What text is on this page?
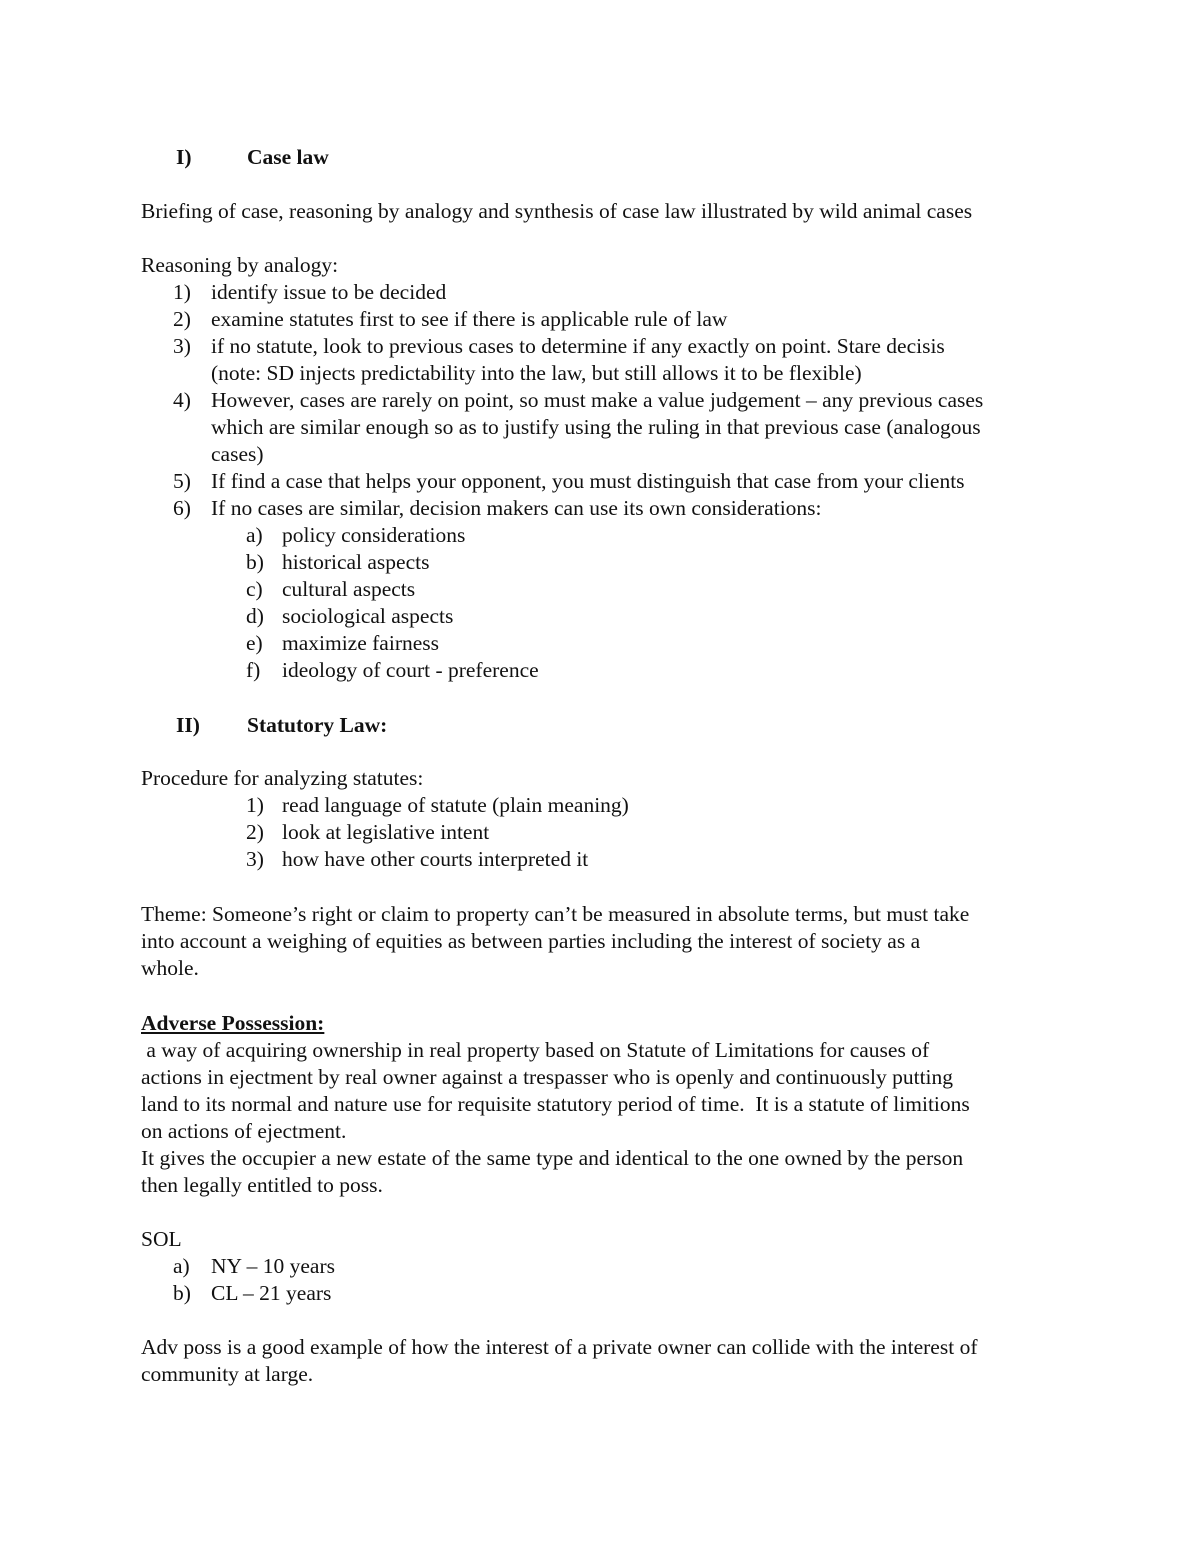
I)	Case law
Briefing of case, reasoning by analogy and synthesis of case law illustrated by wild animal cases
Reasoning by analogy:
1) identify issue to be decided
2) examine statutes first to see if there is applicable rule of law
3) if no statute, look to previous cases to determine if any exactly on point. Stare decisis
(note: SD injects predictability into the law, but still allows it to be flexible)
4) However, cases are rarely on point, so must make a value judgement – any previous cases
which are similar enough so as to justify using the ruling in that previous case (analogous
cases)
5) If find a case that helps your opponent, you must distinguish that case from your clients
6) If no cases are similar, decision makers can use its own considerations:
a) policy considerations
b) historical aspects
c) cultural aspects
d) sociological aspects
e) maximize fairness
f) ideology of court - preference
II) Statutory Law:
Procedure for analyzing statutes:
1) read language of statute (plain meaning)
2) look at legislative intent
3) how have other courts interpreted it
Theme: Someone’s right or claim to property can’t be measured in absolute terms, but must take
into account a weighing of equities as between parties including the interest of society as a
whole.
Adverse Possession:
a way of acquiring ownership in real property based on Statute of Limitations for causes of
actions in ejectment by real owner against a trespasser who is openly and continuously putting
land to its normal and nature use for requisite statutory period of time.  It is a statute of limitions
on actions of ejectment.
It gives the occupier a new estate of the same type and identical to the one owned by the person
then legally entitled to poss.
SOL
a) NY – 10 years
b) CL – 21 years
Adv poss is a good example of how the interest of a private owner can collide with the interest of
community at large.
